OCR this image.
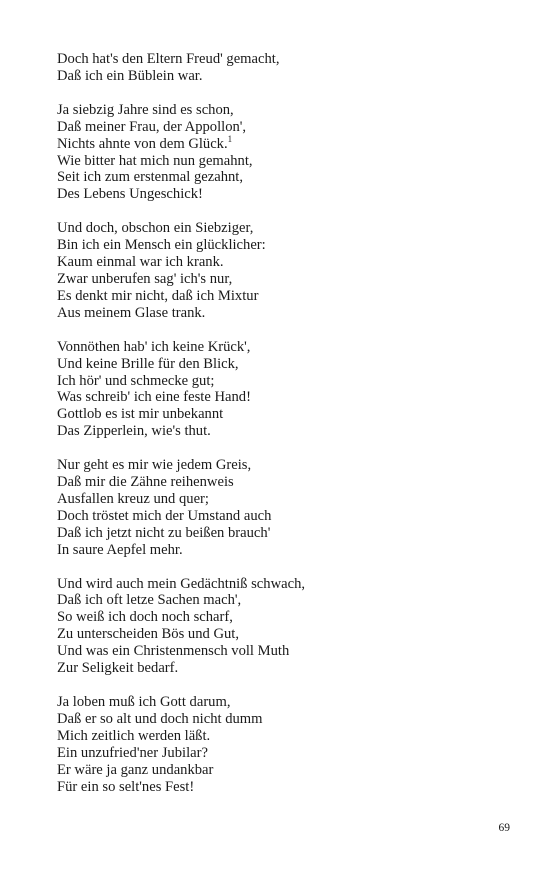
Doch hat's den Eltern Freud' gemacht,
Daß ich ein Büblein war.
Ja siebzig Jahre sind es schon,
Daß meiner Frau, der Appollon',
Nichts ahnte von dem Glück.$^1$
Wie bitter hat mich nun gemahnt,
Seit ich zum erstenmal gezahnt,
Des Lebens Ungeschick!
Und doch, obschon ein Siebziger,
Bin ich ein Mensch ein glücklicher:
Kaum einmal war ich krank.
Zwar unberufen sag' ich's nur,
Es denkt mir nicht, daß ich Mixtur
Aus meinem Glase trank.
Vonnöthen hab' ich keine Krück',
Und keine Brille für den Blick,
Ich hör' und schmecke gut;
Was schreib' ich eine feste Hand!
Gottlob es ist mir unbekannt
Das Zipperlein, wie's thut.
Nur geht es mir wie jedem Greis,
Daß mir die Zähne reihenweis
Ausfallen kreuz und quer;
Doch tröstet mich der Umstand auch
Daß ich jetzt nicht zu beißen brauch'
In saure Aepfel mehr.
Und wird auch mein Gedächtniß schwach,
Daß ich oft letze Sachen mach',
So weiß ich doch noch scharf,
Zu unterscheiden Bös und Gut,
Und was ein Christenmensch voll Muth
Zur Seligkeit bedarf.
Ja loben muß ich Gott darum,
Daß er so alt und doch nicht dumm
Mich zeitlich werden läßt.
Ein unzufried'ner Jubilar?
Er wäre ja ganz undankbar
Für ein so selt'nes Fest!
69
